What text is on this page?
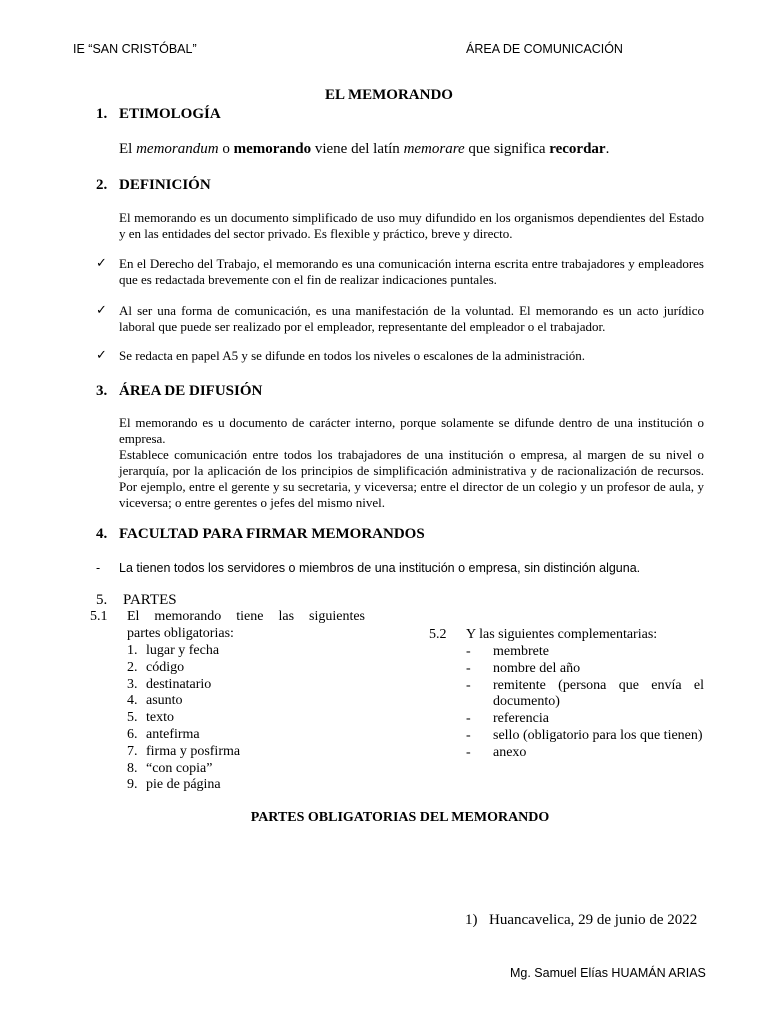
IE “SAN CRISTÓBAL”	ÁREA DE COMUNICACIÓN
EL MEMORANDO
1. ETIMOLOGÍA
El memorandum o memorando viene del latín memorare que significa recordar.
2. DEFINICIÓN
El memorando es un documento simplificado de uso muy difundido en los organismos dependientes del Estado y en las entidades del sector privado. Es flexible y práctico, breve y directo.
✓ En el Derecho del Trabajo, el memorando es una comunicación interna escrita entre trabajadores y empleadores que es redactada brevemente con el fin de realizar indicaciones puntales.
✓ Al ser una forma de comunicación, es una manifestación de la voluntad. El memorando es un acto jurídico laboral que puede ser realizado por el empleador, representante del empleador o el trabajador.
✓ Se redacta en papel A5 y se difunde en todos los niveles o escalones de la administración.
3. ÁREA DE DIFUSIÓN
El memorando es u documento de carácter interno, porque solamente se difunde dentro de una institución o empresa.
Establece comunicación entre todos los trabajadores de una institución o empresa, al margen de su nivel o jerarquía, por la aplicación de los principios de simplificación administrativa y de racionalización de recursos. Por ejemplo, entre el gerente y su secretaria, y viceversa; entre el director de un colegio y un profesor de aula, y viceversa; o entre gerentes o jefes del mismo nivel.
4. FACULTAD PARA FIRMAR MEMORANDOS
- La tienen todos los servidores o miembros de una institución o empresa, sin distinción alguna.
5. PARTES
5.1 El memorando tiene las siguientes
partes obligatorias:
1. lugar y fecha
2. código
3. destinatario
4. asunto
5. texto
6. antefirma
7. firma y posfirma
8. “con copia”
9. pie de página
5.2 Y las siguientes complementarias:
-	membrete
-	nombre del año
-	remitente (persona que envía el documento)
-	referencia
-	sello (obligatorio para los que tienen)
-	anexo
PARTES OBLIGATORIAS DEL MEMORANDO
1) Huancavelica, 29 de junio de 2022
Mg. Samuel Elías HUAMÁN ARIAS
